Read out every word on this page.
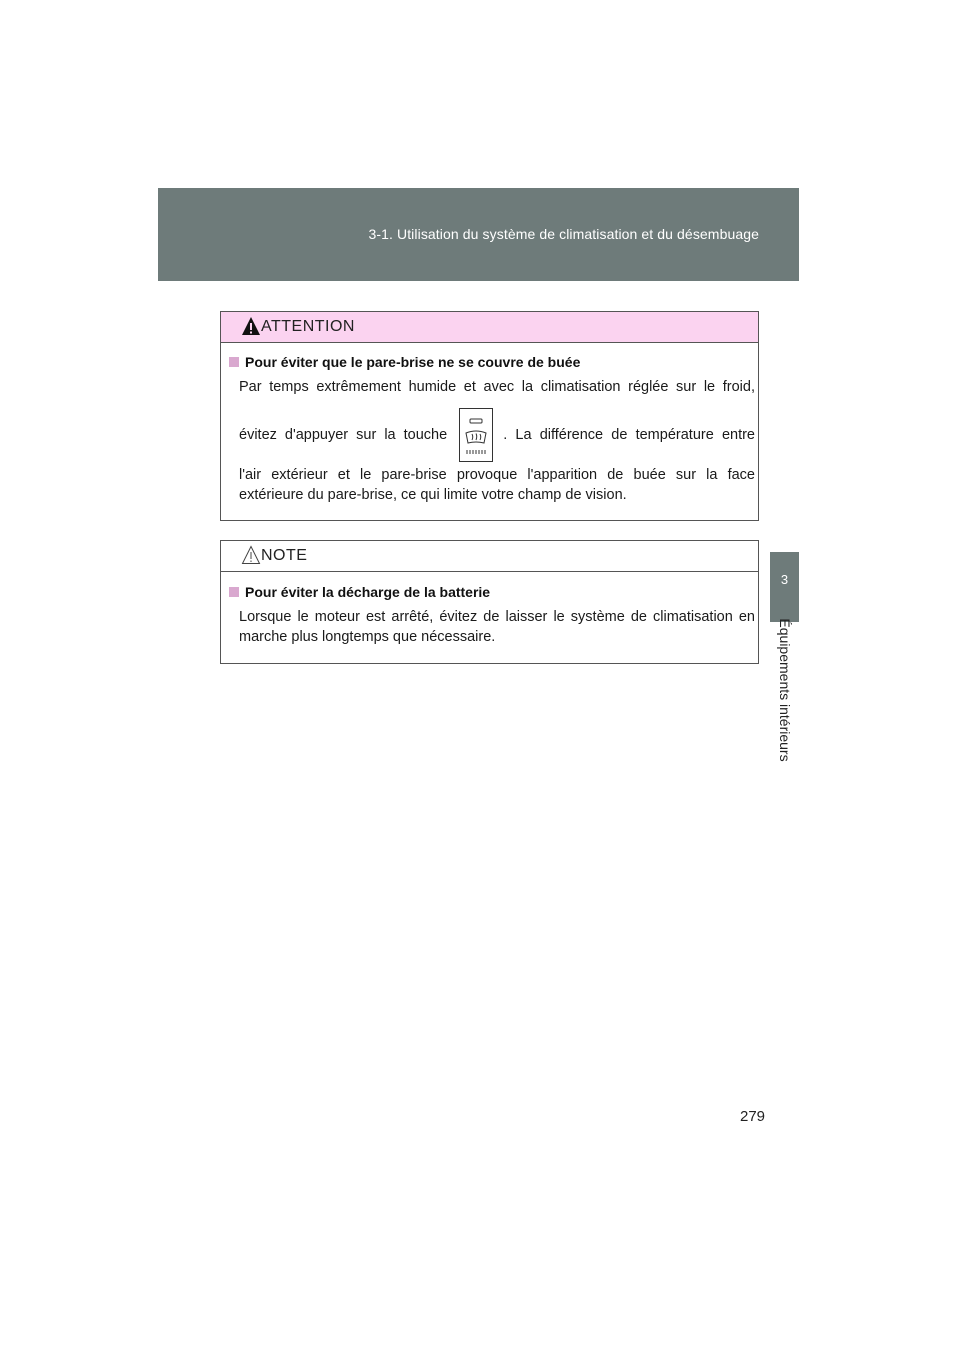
3-1. Utilisation du système de climatisation et du désembuage
3
Équipements intérieurs
ATTENTION
Pour éviter que le pare-brise ne se couvre de buée
Par temps extrêmement humide et avec la climatisation réglée sur le froid,
évitez d'appuyer sur la touche	. La différence de température entre
l'air extérieur et le pare-brise provoque l'apparition de buée sur la face
extérieure du pare-brise, ce qui limite votre champ de vision.
NOTE
Pour éviter la décharge de la batterie
Lorsque le moteur est arrêté, évitez de laisser le système de climatisation en
marche plus longtemps que nécessaire.
279
